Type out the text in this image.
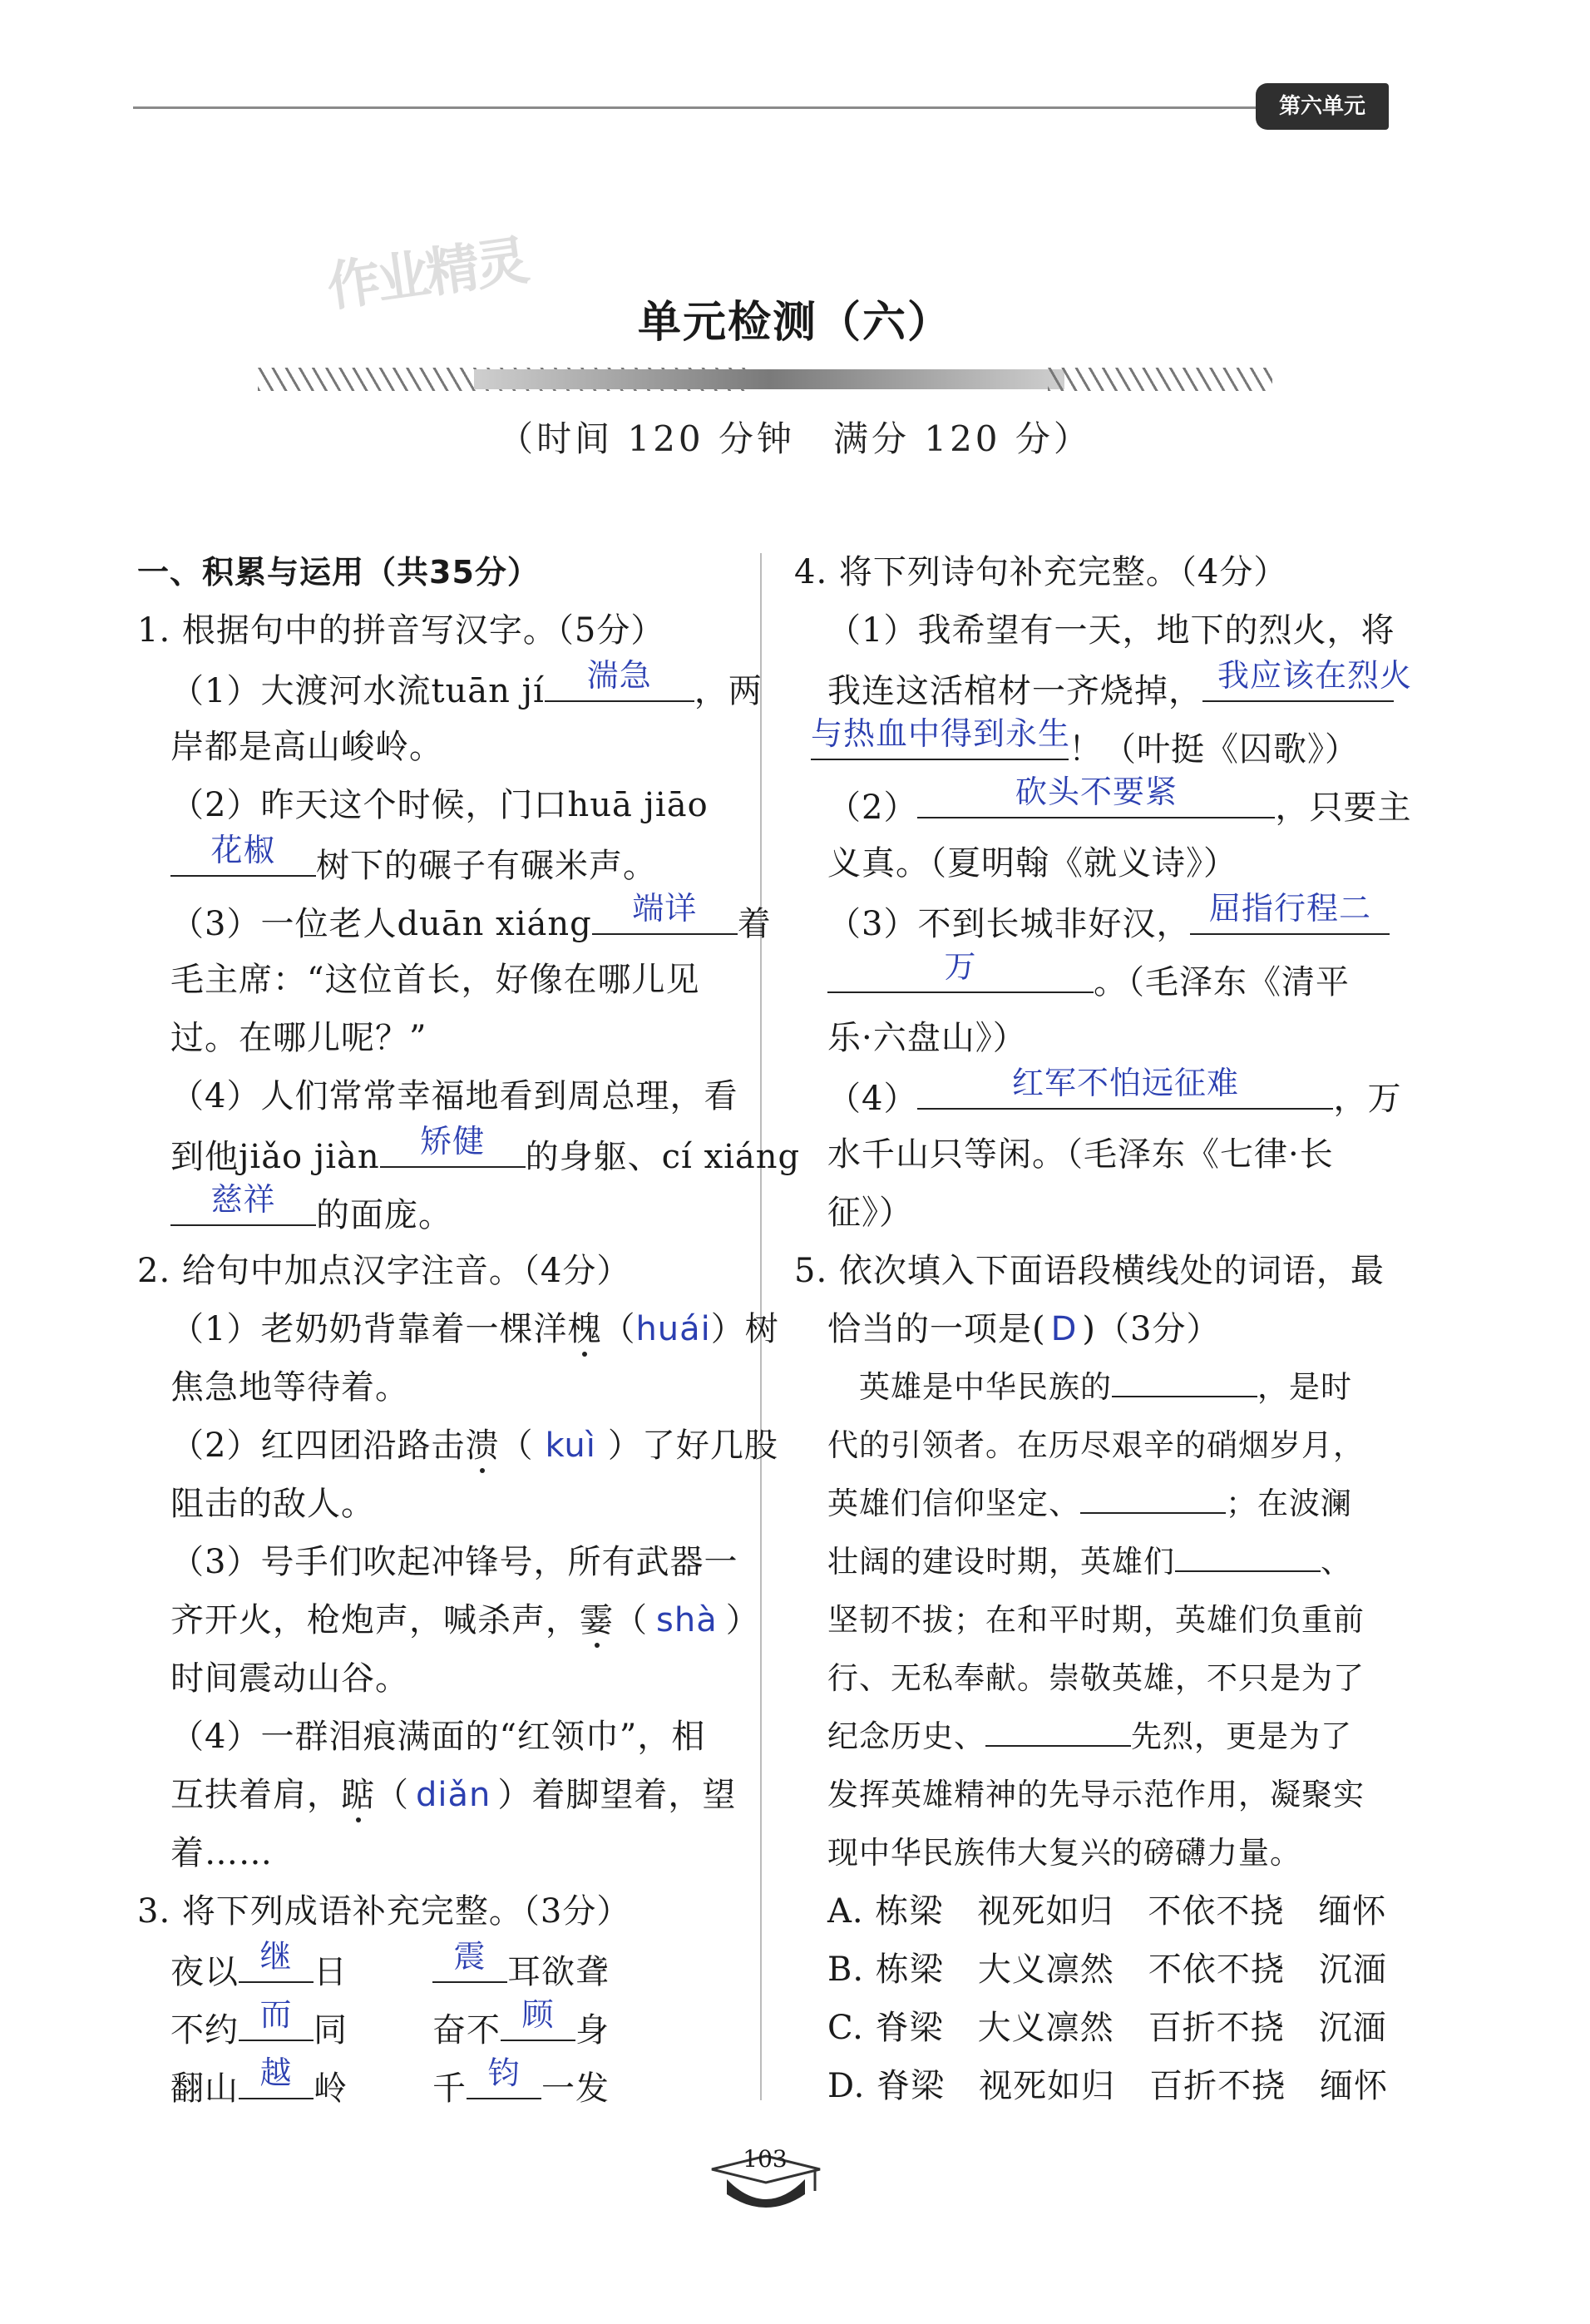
第六单元
作业精灵
单元检测（六）
（时间 120 分钟　满分 120 分）
一、积累与运用（共35分）
1. 根据句中的拼音写汉字。（5分）
（1）大渡河水流tuān jí	湍急	，两
岸都是高山峻岭。
（2）昨天这个时候，门口huā jiāo
花椒	树下的碾子有碾米声。
（3）一位老人duān xiáng	端详	着
毛主席：“这位首长，好像在哪儿见
过。在哪儿呢？”
（4）人们常常幸福地看到周总理，看
到他jiǎo jiàn	矫健	的身躯、cí xiáng
慈祥	的面庞。
2. 给句中加点汉字注音。（4分）
（1）老奶奶背靠着一棵洋槐（huái）树
焦急地等待着。
（2）红四团沿路击溃（ kuì ）了好几股
阻击的敌人。
（3）号手们吹起冲锋号，所有武器一
齐开火，枪炮声，喊杀声，霎（ shà ）
时间震动山谷。
（4）一群泪痕满面的“红领巾”，相
互扶着肩，踮（ diǎn ）着脚望着，望
着……
3. 将下列成语补充完整。（3分）
夜以 继 日	震 耳欲聋
不约 而 同	奋不 顾 身
翻山 越 岭	千 钧 一发
4. 将下列诗句补充完整。（4分）
（1）我希望有一天，地下的烈火，将
我连这活棺材一齐烧掉， 我应该在烈火
与热血中得到永生
！（叶挺《囚歌》）
（2）	砍头不要紧	，只要主
义真。（夏明翰《就义诗》）
（3）不到长城非好汉， 屈指行程二
万	。（毛泽东《清平
乐·六盘山》）
（4）	红军不怕远征难	，万
水千山只等闲。（毛泽东《七律·长
征》）
5. 依次填入下面语段横线处的词语，最
恰当的一项是( D )（3分）
　英雄是中华民族的	，是时
代的引领者。在历尽艰辛的硝烟岁月，
英雄们信仰坚定、	；在波澜
壮阔的建设时期，英雄们	、
坚韧不拔；在和平时期，英雄们负重前
行、无私奉献。崇敬英雄，不只是为了
纪念历史、	先烈，更是为了
发挥英雄精神的先导示范作用，凝聚实
现中华民族伟大复兴的磅礴力量。
A. 栋梁　视死如归　不依不挠　缅怀
B. 栋梁　大义凛然　不依不挠　沉湎
C. 脊梁　大义凛然　百折不挠　沉湎
D. 脊梁　视死如归　百折不挠　缅怀
103
